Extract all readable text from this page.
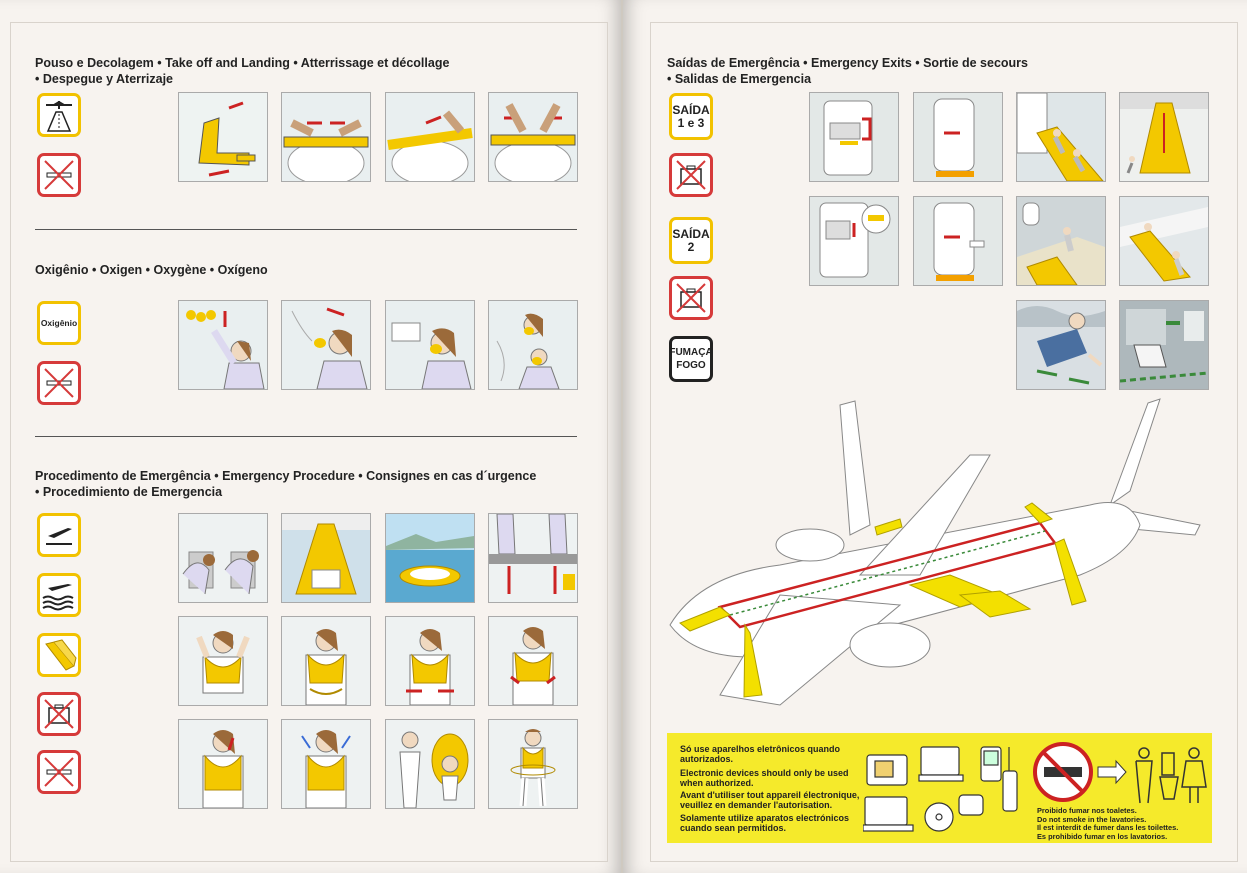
Pouso e Decolagem • Take off and Landing • Atterrissage et décollage
• Despegue y Aterrizaje
Oxigênio • Oxigen • Oxygène • Oxígeno
Oxigênio
Procedimento de Emergência • Emergency Procedure • Consignes en cas d´urgence
• Procedimiento de Emergencia
Saídas de Emergência • Emergency Exits • Sortie de secours
• Salidas de Emergencia
SAÍDA
1 e 3
SAÍDA
2
FUMAÇA
FOGO
Só use aparelhos eletrônicos quando autorizados.
Electronic devices should only be used when authorized.
Avant d'utiliser tout appareil électronique, veuillez en demander l'autorisation.
Solamente utilize aparatos electrónicos cuando sean permitidos.
Proibido fumar nos toaletes.
Do not smoke in the lavatories.
Il est interdit de fumer dans les toilettes.
Es prohibido fumar en los lavatorios.
